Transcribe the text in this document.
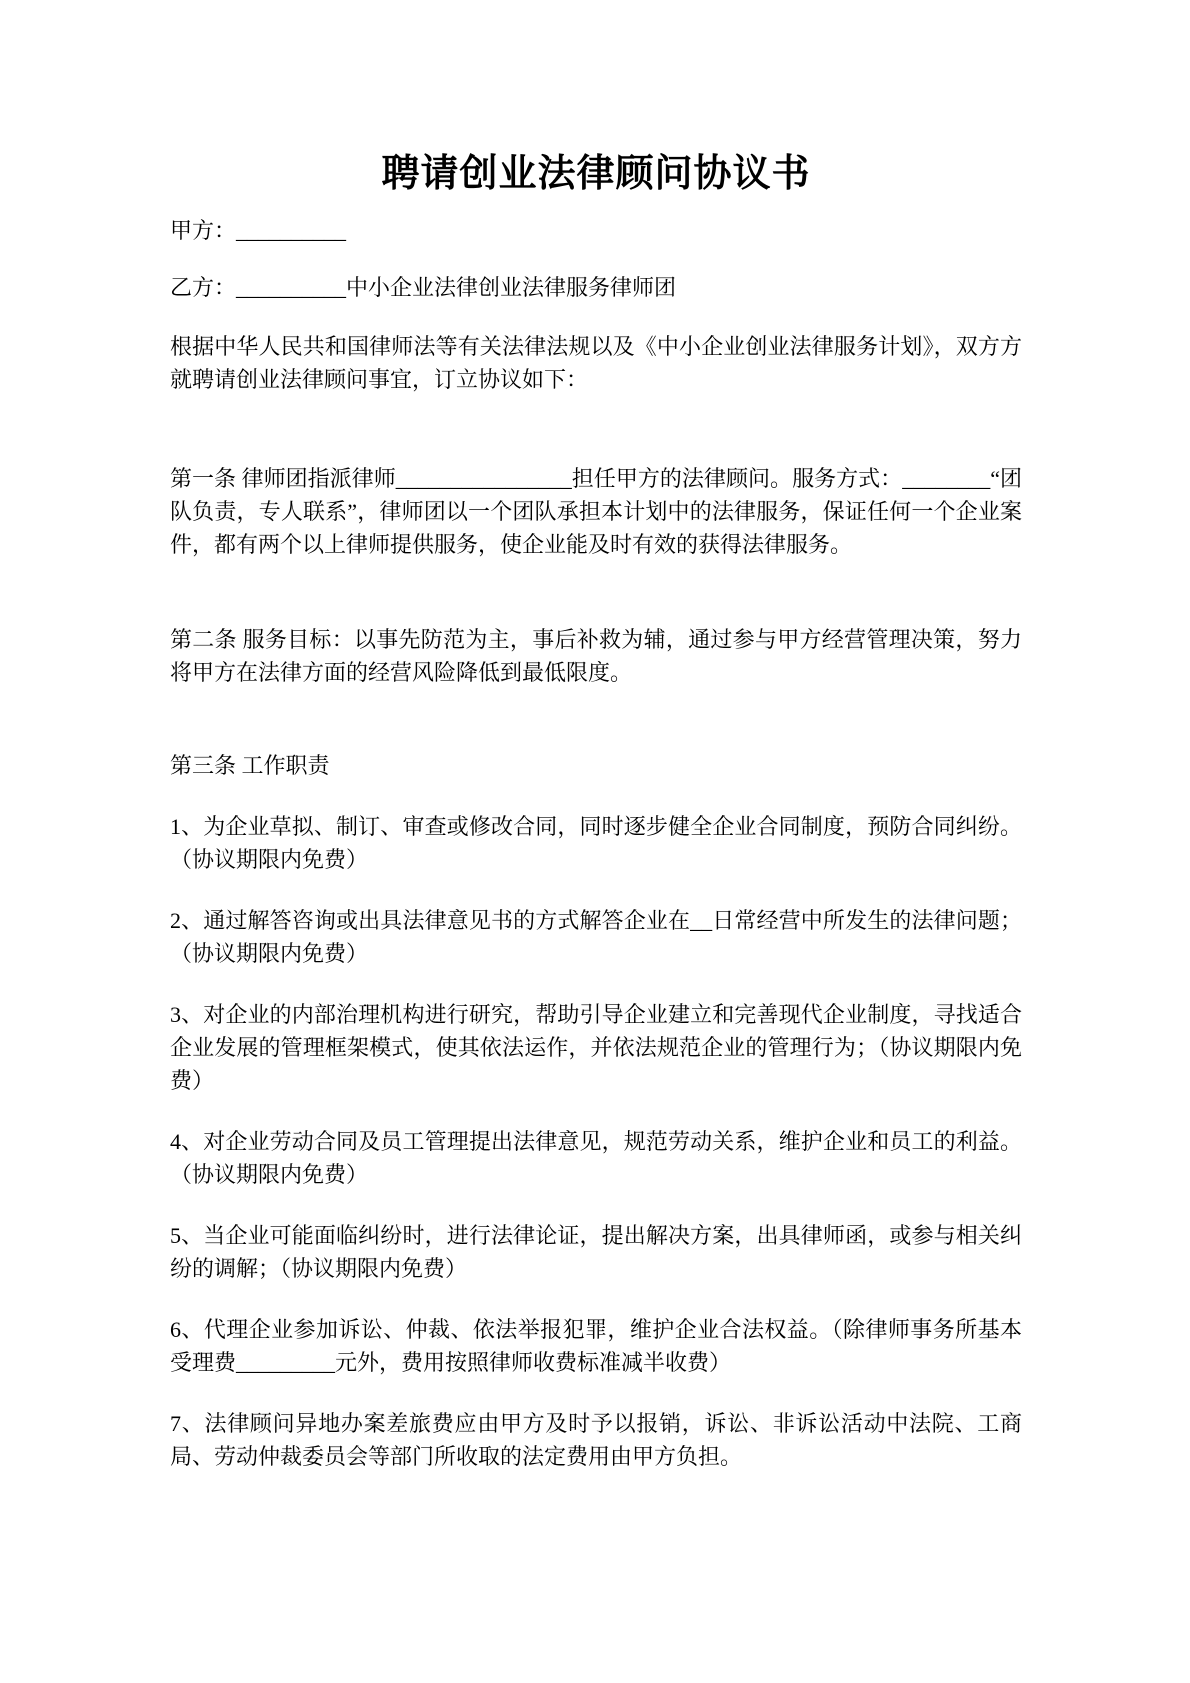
聘请创业法律顾问协议书

甲方：__________

乙方：__________中小企业法律创业法律服务律师团

根据中华人民共和国律师法等有关法律法规以及《中小企业创业法律服务计划》，双方方就聘请创业法律顾问事宜，订立协议如下：

第一条 律师团指派律师________________担任甲方的法律顾问。服务方式：________“团队负责，专人联系”，律师团以一个团队承担本计划中的法律服务，保证任何一个企业案件，都有两个以上律师提供服务，使企业能及时有效的获得法律服务。

第二条 服务目标：以事先防范为主，事后补救为辅，通过参与甲方经营管理决策，努力将甲方在法律方面的经营风险降低到最低限度。

第三条 工作职责

1、为企业草拟、制订、审查或修改合同，同时逐步健全企业合同制度，预防合同纠纷。（协议期限内免费）

2、通过解答咨询或出具法律意见书的方式解答企业在__日常经营中所发生的法律问题；（协议期限内免费）

3、对企业的内部治理机构进行研究，帮助引导企业建立和完善现代企业制度，寻找适合企业发展的管理框架模式，使其依法运作，并依法规范企业的管理行为；（协议期限内免费）

4、对企业劳动合同及员工管理提出法律意见，规范劳动关系，维护企业和员工的利益。（协议期限内免费）

5、当企业可能面临纠纷时，进行法律论证，提出解决方案，出具律师函，或参与相关纠纷的调解；（协议期限内免费）

6、代理企业参加诉讼、仲裁、依法举报犯罪，维护企业合法权益。（除律师事务所基本受理费_________元外，费用按照律师收费标准减半收费）

7、法律顾问异地办案差旅费应由甲方及时予以报销，诉讼、非诉讼活动中法院、工商局、劳动仲裁委员会等部门所收取的法定费用由甲方负担。
